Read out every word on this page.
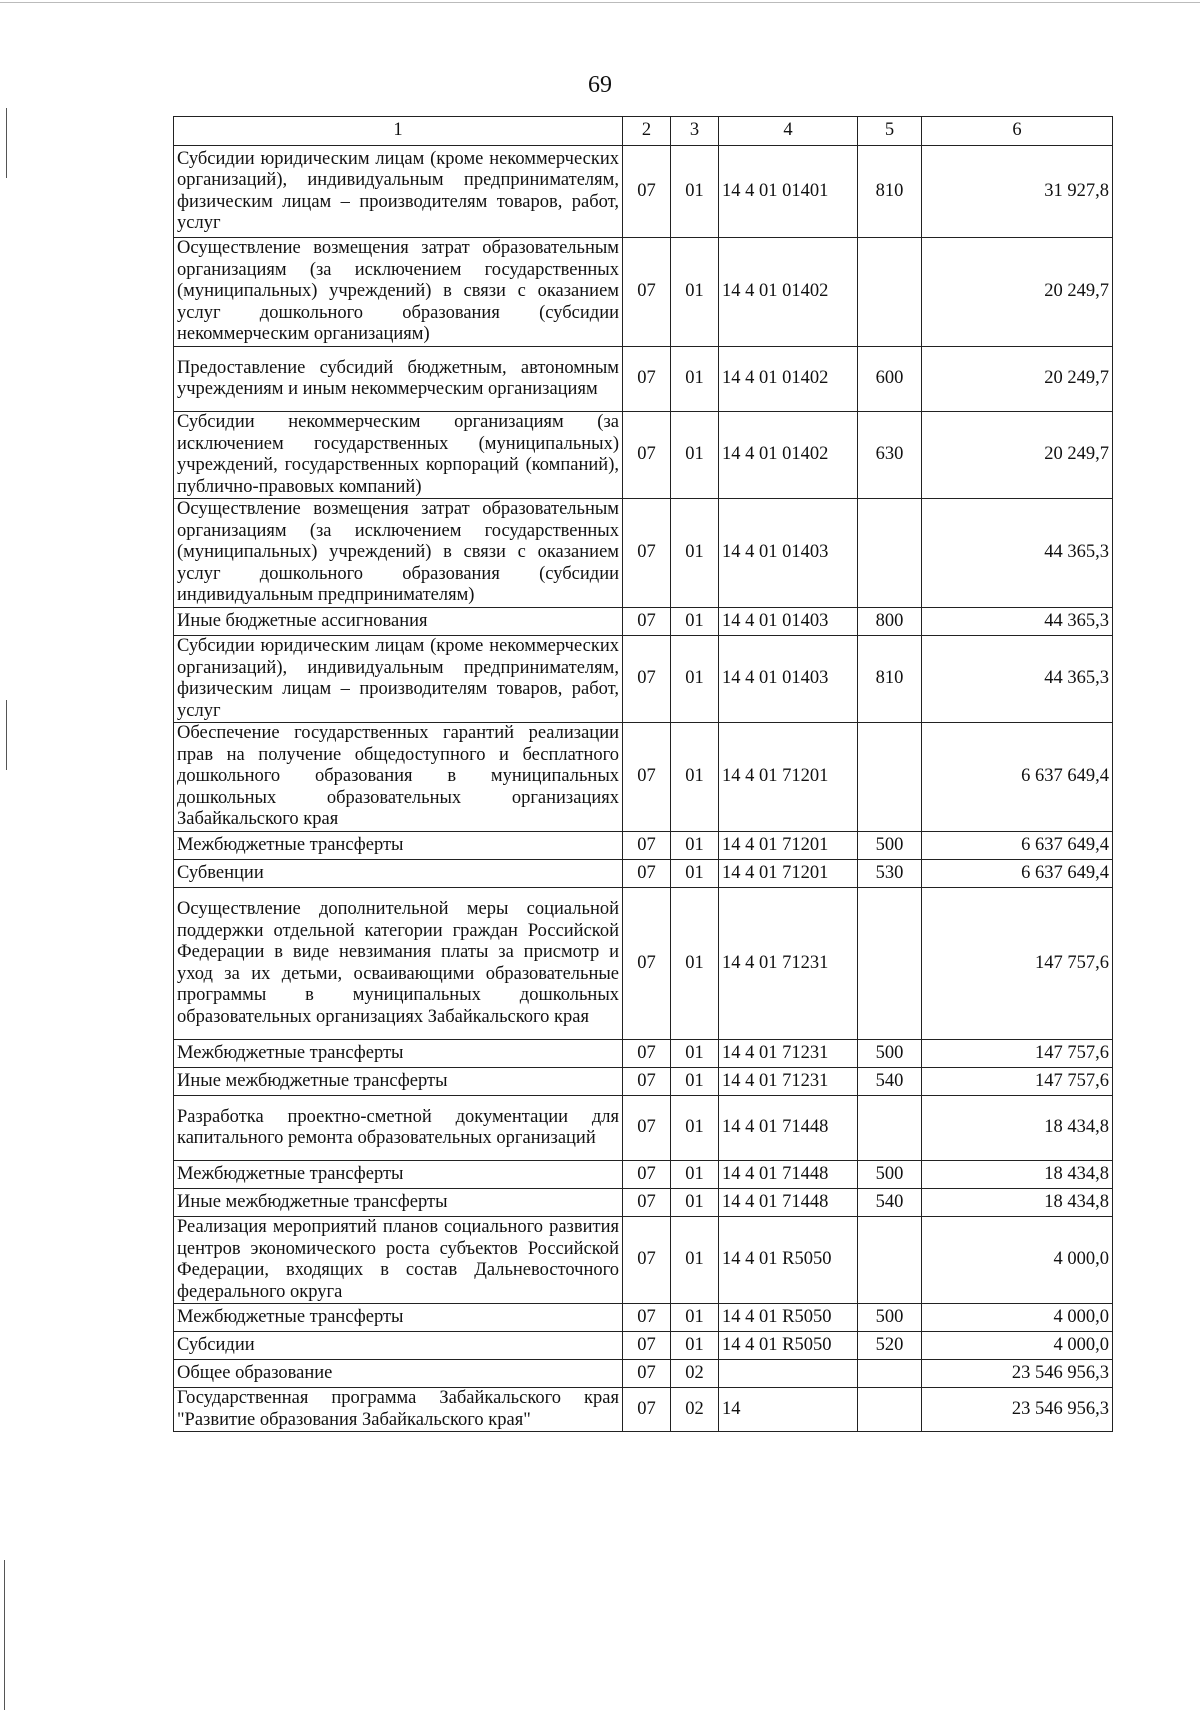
69
1	2	3	4	5	6
Субсидии юридическим лицам (кроме некоммерческих организаций), индивидуальным предпринимателям, физическим лицам – производителям товаров, работ, услуг	07	01	14 4 01 01401	810	31 927,8
Осуществление возмещения затрат образовательным организациям (за исключением государственных (муниципальных) учреждений) в связи с оказанием услуг дошкольного образования (субсидии некоммерческим организациям)	07	01	14 4 01 01402		20 249,7
Предоставление субсидий бюджетным, автономным учреждениям и иным некоммерческим организациям	07	01	14 4 01 01402	600	20 249,7
Субсидии некоммерческим организациям (за исключением государственных (муниципальных) учреждений, государственных корпораций (компаний), публично-правовых компаний)	07	01	14 4 01 01402	630	20 249,7
Осуществление возмещения затрат образовательным организациям (за исключением государственных (муниципальных) учреждений) в связи с оказанием услуг дошкольного образования (субсидии индивидуальным предпринимателям)	07	01	14 4 01 01403		44 365,3
Иные бюджетные ассигнования	07	01	14 4 01 01403	800	44 365,3
Субсидии юридическим лицам (кроме некоммерческих организаций), индивидуальным предпринимателям, физическим лицам – производителям товаров, работ, услуг	07	01	14 4 01 01403	810	44 365,3
Обеспечение государственных гарантий реализации прав на получение общедоступного и бесплатного дошкольного образования в муниципальных дошкольных образовательных организациях Забайкальского края	07	01	14 4 01 71201		6 637 649,4
Межбюджетные трансферты	07	01	14 4 01 71201	500	6 637 649,4
Субвенции	07	01	14 4 01 71201	530	6 637 649,4
Осуществление дополнительной меры социальной поддержки отдельной категории граждан Российской Федерации в виде невзимания платы за присмотр и уход за их детьми, осваивающими образовательные программы в муниципальных дошкольных образовательных организациях Забайкальского края	07	01	14 4 01 71231		147 757,6
Межбюджетные трансферты	07	01	14 4 01 71231	500	147 757,6
Иные межбюджетные трансферты	07	01	14 4 01 71231	540	147 757,6
Разработка проектно-сметной документации для капитального ремонта образовательных организаций	07	01	14 4 01 71448		18 434,8
Межбюджетные трансферты	07	01	14 4 01 71448	500	18 434,8
Иные межбюджетные трансферты	07	01	14 4 01 71448	540	18 434,8
Реализация мероприятий планов социального развития центров экономического роста субъектов Российской Федерации, входящих в состав Дальневосточного федерального округа	07	01	14 4 01 R5050		4 000,0
Межбюджетные трансферты	07	01	14 4 01 R5050	500	4 000,0
Субсидии	07	01	14 4 01 R5050	520	4 000,0
Общее образование	07	02			23 546 956,3
Государственная программа Забайкальского края "Развитие образования Забайкальского края"	07	02	14		23 546 956,3
